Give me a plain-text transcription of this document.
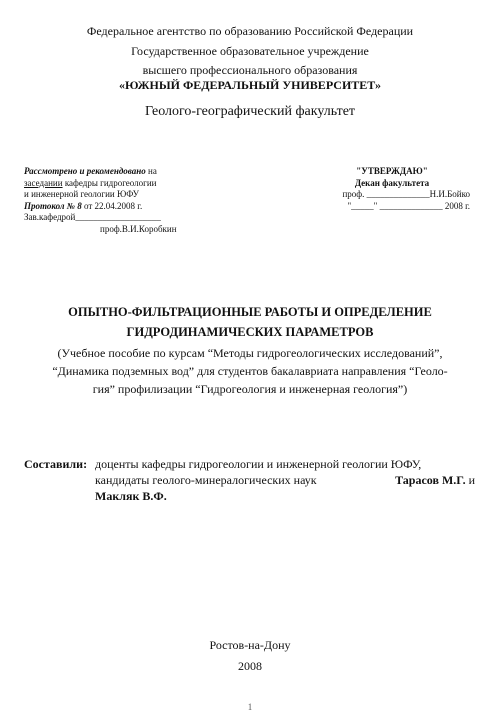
Федеральное агентство по образованию Российской Федерации
Государственное образовательное учреждение
высшего профессионального образования
«ЮЖНЫЙ ФЕДЕРАЛЬНЫЙ УНИВЕРСИТЕТ»
Геолого-географический факультет
Рассмотрено и рекомендовано на
заседании кафедры гидрогеологии
и инженерной геологии ЮФУ
Протокол № 8 от 22.04.2008 г.
Зав.кафедрой___________________
проф.В.И.Коробкин
"УТВЕРЖДАЮ"
Декан факультета
проф. ______________Н.И.Бойко
"_____" ______________ 2008 г.
ОПЫТНО-ФИЛЬТРАЦИОННЫЕ РАБОТЫ И ОПРЕДЕЛЕНИЕ
ГИДРОДИНАМИЧЕСКИХ ПАРАМЕТРОВ
(Учебное пособие по курсам “Методы гидрогеологических исследований”,
“Динамика подземных вод” для студентов бакалавриата направления “Геоло-
гия” профилизации “Гидрогеология и инженерная геология”)
Составили: доценты кафедры гидрогеологии и инженерной геологии ЮФУ,
кандидаты геолого-минералогических наук	Тарасов М.Г. и
Макляк В.Ф.
Ростов-на-Дону
2008
1
